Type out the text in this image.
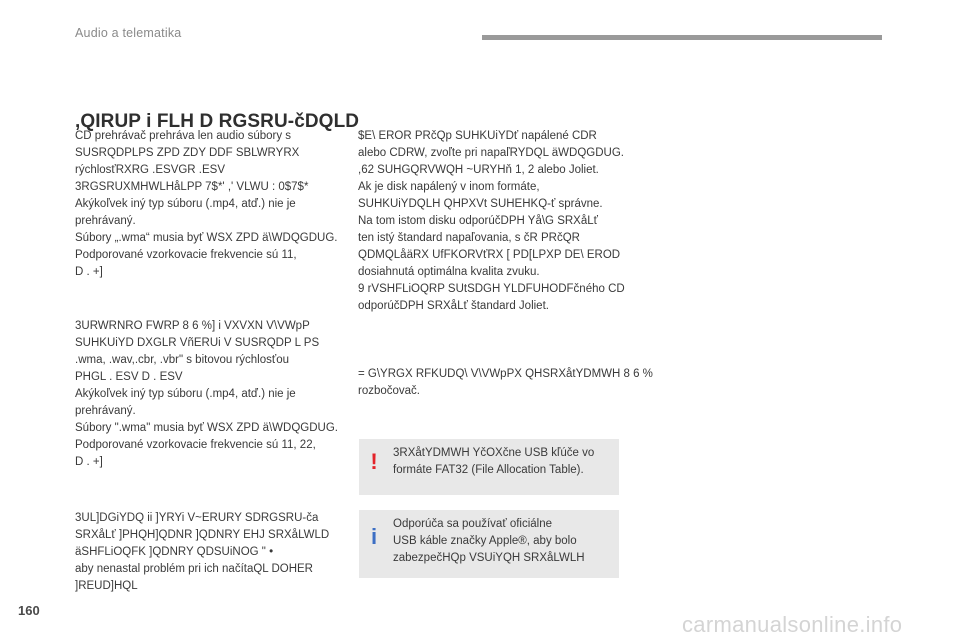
Audio a telematika
,QIRUP i FLH D RGSRU-čDQLD

CD prehrávač prehráva len audio súbory s
SUSRQDPLPS ZPD ZDY DDF SBLWRYRX
rýchlosťRXRG .ESVGR .ESV
3RGSRUXMHWLHåLPP 7$*' ,' VLWU : 0$7$*
Akýkoľvek iný typ súboru (.mp4, atď.) nie je
prehrávaný.
Súbory „.wma“ musia byť WSX ZPD ä\WDQGDUG.
Podporované vzorkovacie frekvencie sú 11,
D . +]

3URWRNRO FWRP 8 6 %] i VXVXN V\VWpP
SUHKUiYD DXGLR VñERUi V SUSRQDP L PS
.wma, .wav,.cbr, .vbr" s bitovou rýchlosťou
PHGL . ESV D . ESV
Akýkoľvek iný typ súboru (.mp4, atď.) nie je
prehrávaný.
Súbory ".wma" musia byť WSX ZPD ä\WDQGDUG.
Podporované vzorkovacie frekvencie sú 11, 22,
D . +]

3UL]DGiYDQ ii ]YRYi V~ERURY SDRGSRU-ča
SRXåLť ]PHQH]QDNR ]QDNRY EHJ SRXåLWLD
äSHFLiOQFK ]QDNRY QDSUiNOG " •
aby nenastal problém pri ich načítaQL DOHER
]REUD]HQL

$E\ EROR PRčQp SUHKUiYDť napálené CDR
alebo CDRW, zvoľte pri napaľRYDQL äWDQGDUG.
,62 SUHGQRVWQH ~URYHň 1, 2 alebo Joliet.
Ak je disk napálený v inom formáte,
SUHKUiYDQLH QHPXVt SUHEHKQ-ť správne.
Na tom istom disku odporúčDPH Yå\G SRXåLť
ten istý štandard napaľovania, s čR PRčQR
QDMQLåäRX UfFKORVťRX [ PD[LPXP DE\ EROD
dosiahnutá optimálna kvalita zvuku.
9 rVSHFLiOQRP SUtSDGH YLDFUHODFčného CD
odporúčDPH SRXåLť štandard Joliet.

= G\YRGX RFKUDQ\ V\VWpPX QHSRXåtYDMWH 8 6 %
rozbočovač.

! 3RXåtYDMWH YčOXčne USB kľúče vo
formáte FAT32 (File Allocation Table).
i Odporúča sa používať oficiálne
USB káble značky Apple®, aby bolo
zabezpečHQp VSUiYQH SRXåLWLH
160
carmanualsonline.info
